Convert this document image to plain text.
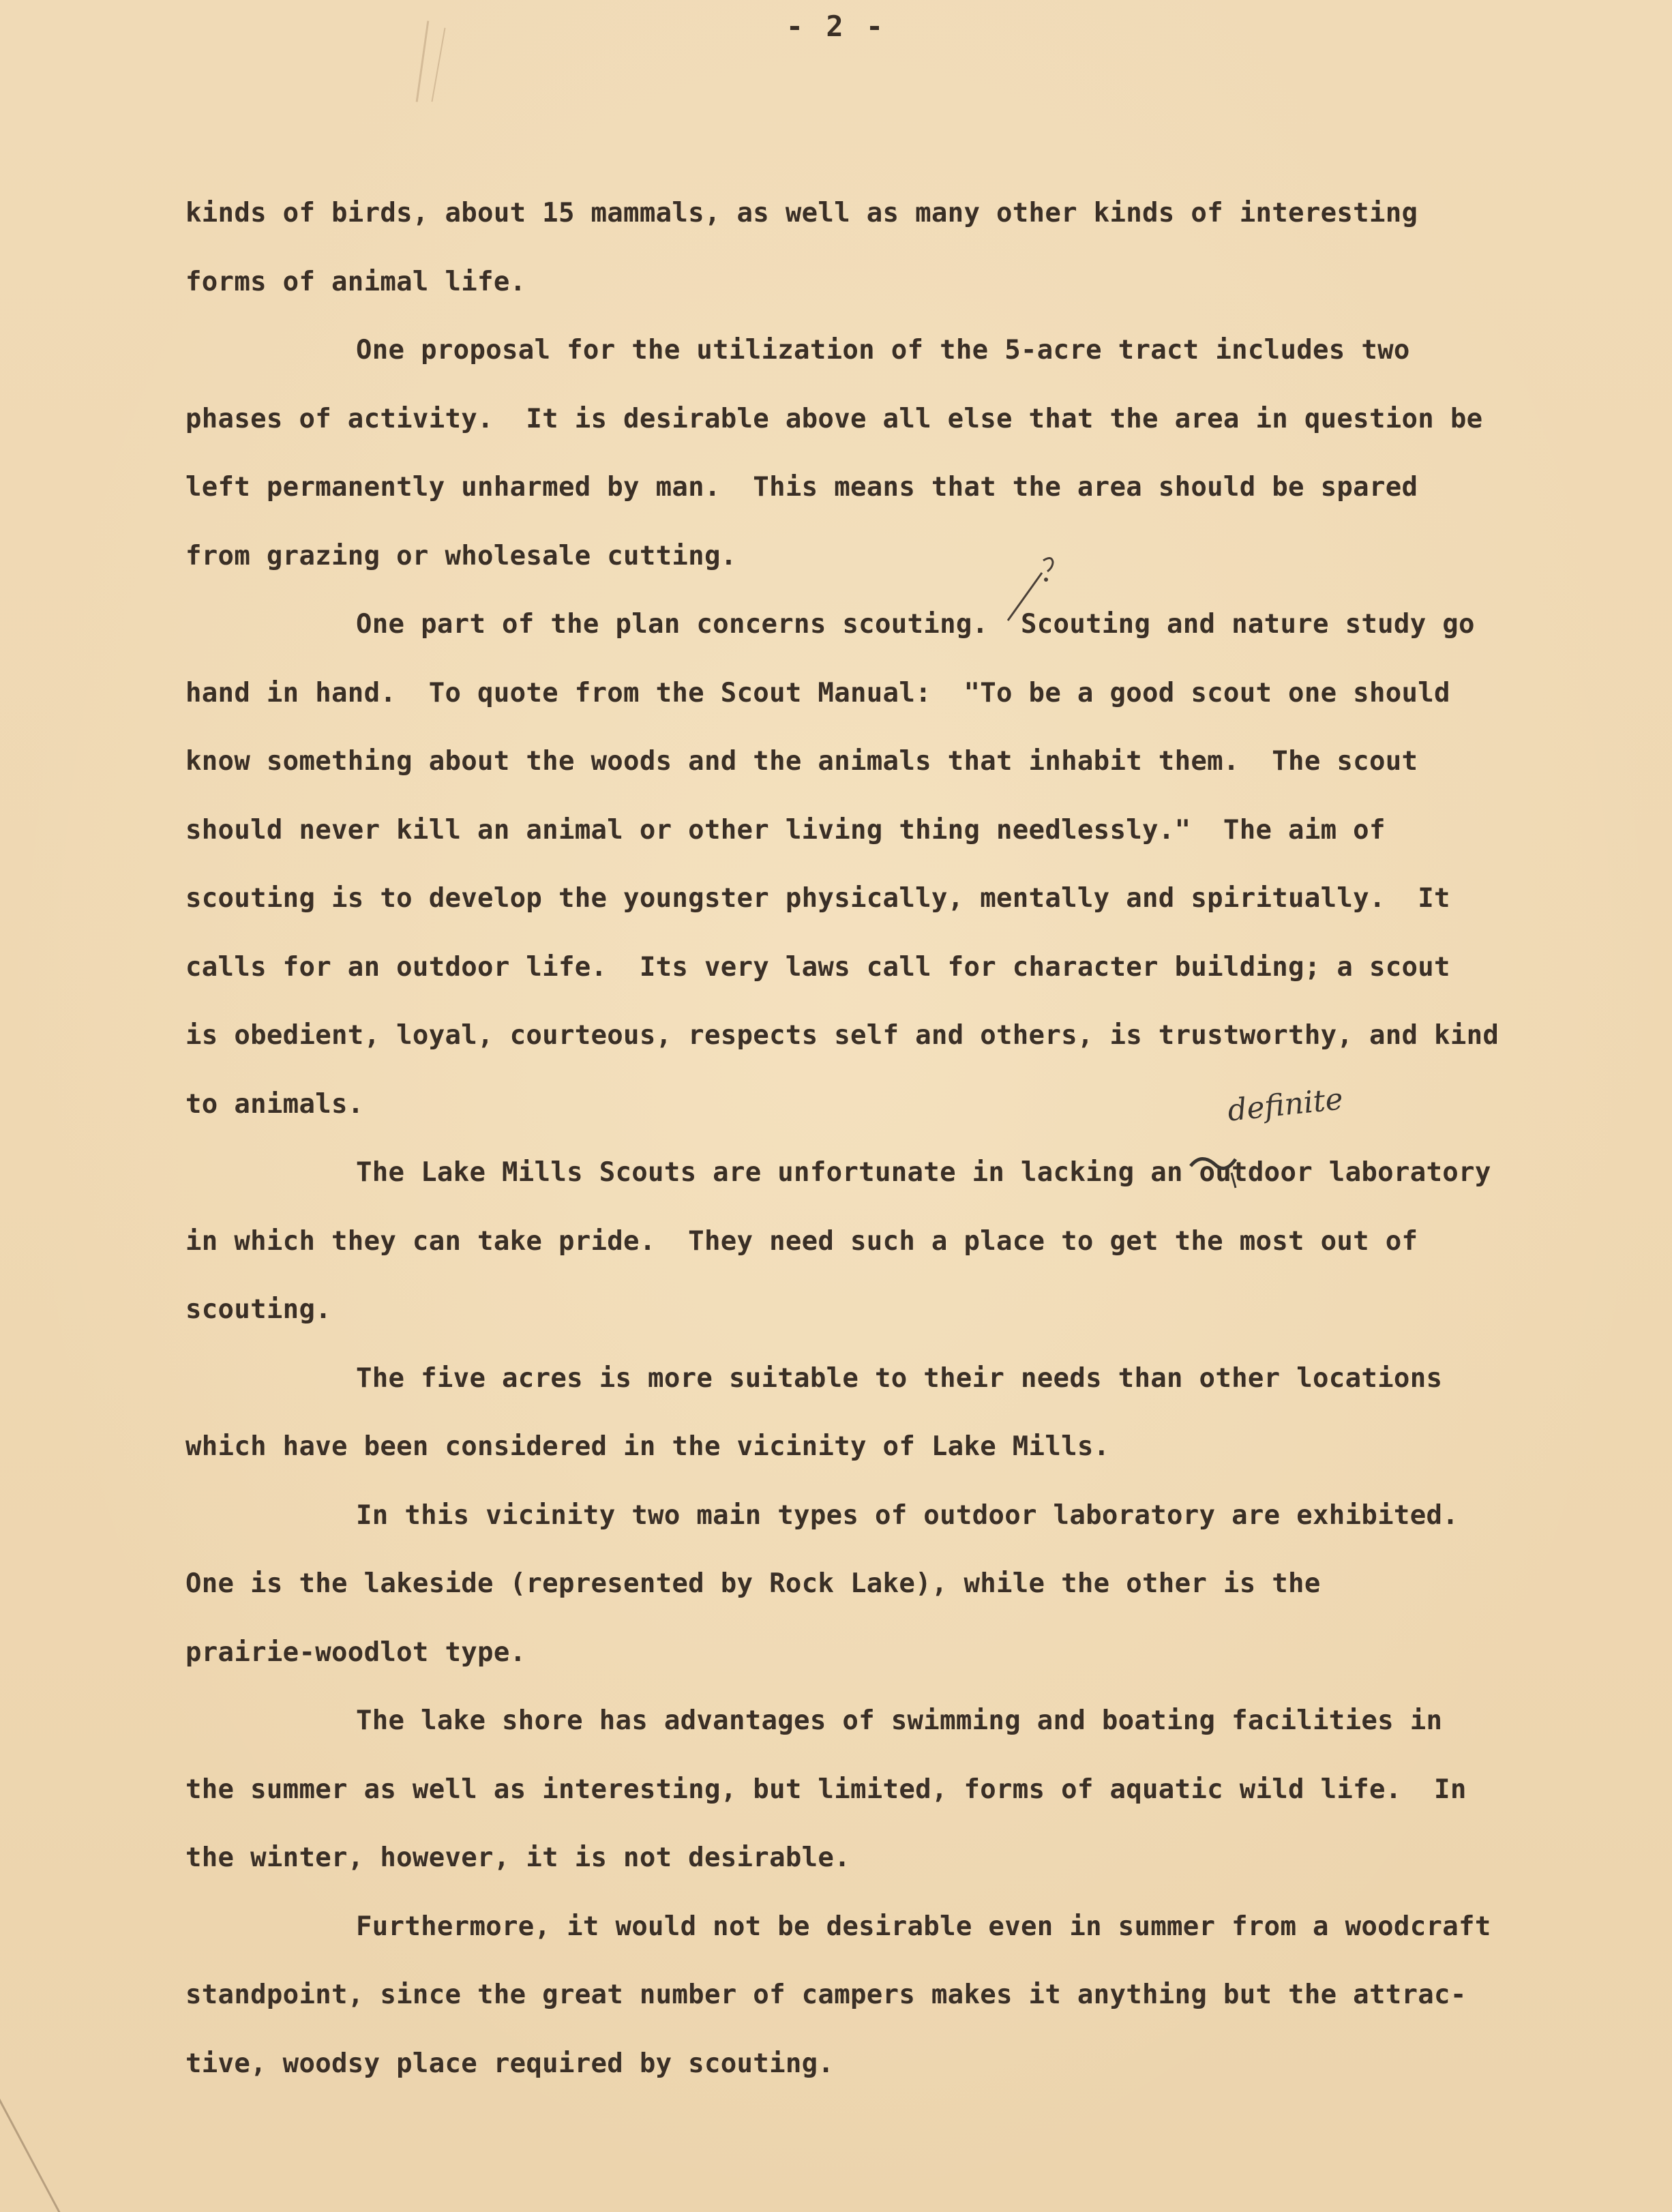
- 2 -

kinds of birds, about 15 mammals, as well as many other kinds of interesting

forms of animal life.

One proposal for the utilization of the 5-acre tract includes two

phases of activity.  It is desirable above all else that the area in question be

left permanently unharmed by man.  This means that the area should be spared

from grazing or wholesale cutting.

One part of the plan concerns scouting.  Scouting and nature study go

hand in hand.  To quote from the Scout Manual:  "To be a good scout one should

know something about the woods and the animals that inhabit them.  The scout

should never kill an animal or other living thing needlessly."  The aim of

scouting is to develop the youngster physically, mentally and spiritually.  It

calls for an outdoor life.  Its very laws call for character building; a scout

is obedient, loyal, courteous, respects self and others, is trustworthy, and kind

to animals.

The Lake Mills Scouts are unfortunate in lacking an outdoor laboratory

in which they can take pride.  They need such a place to get the most out of

scouting.

The five acres is more suitable to their needs than other locations

which have been considered in the vicinity of Lake Mills.

In this vicinity two main types of outdoor laboratory are exhibited.

One is the lakeside (represented by Rock Lake), while the other is the

prairie-woodlot type.

The lake shore has advantages of swimming and boating facilities in

the summer as well as interesting, but limited, forms of aquatic wild life.  In

the winter, however, it is not desirable.

Furthermore, it would not be desirable even in summer from a woodcraft

standpoint, since the great number of campers makes it anything but the attrac-

tive, woodsy place required by scouting.

definite
